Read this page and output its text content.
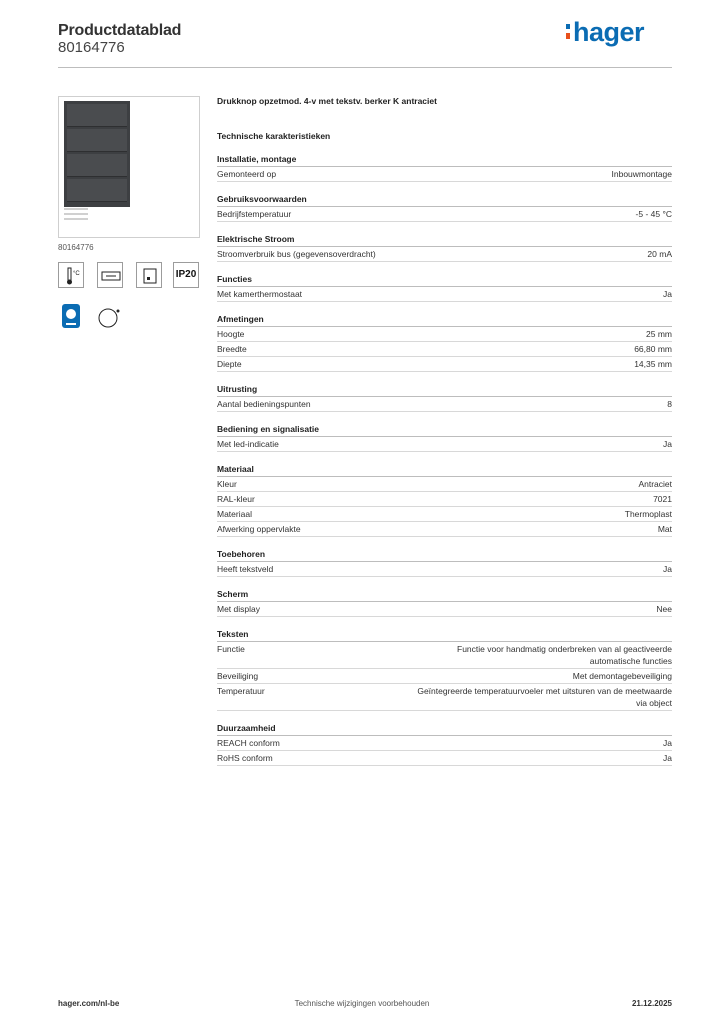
Productdatablad
80164776
hager
80164776
°C	IP20
Drukknop opzetmod. 4-v met tekstv. berker K antraciet
Technische karakteristieken
Installatie, montage
Gemonteerd op	Inbouwmontage
Gebruiksvoorwaarden
Bedrijfstemperatuur	-5 - 45 °C
Elektrische Stroom
Stroomverbruik bus (gegevensoverdracht)	20 mA
Functies
Met kamerthermostaat	Ja
Afmetingen
Hoogte	25 mm
Breedte	66,80 mm
Diepte	14,35 mm
Uitrusting
Aantal bedieningspunten	8
Bediening en signalisatie
Met led-indicatie	Ja
Materiaal
Kleur	Antraciet
RAL-kleur	7021
Materiaal	Thermoplast
Afwerking oppervlakte	Mat
Toebehoren
Heeft tekstveld	Ja
Scherm
Met display	Nee
Teksten
Functie	Functie voor handmatig onderbreken van al geactiveerde automatische functies
Beveiliging	Met demontagebeveiliging
Temperatuur	Geïntegreerde temperatuurvoeler met uitsturen van de meetwaarde via object
Duurzaamheid
REACH conform	Ja
RoHS conform	Ja
hager.com/nl-be	Technische wijzigingen voorbehouden	21.12.2025
